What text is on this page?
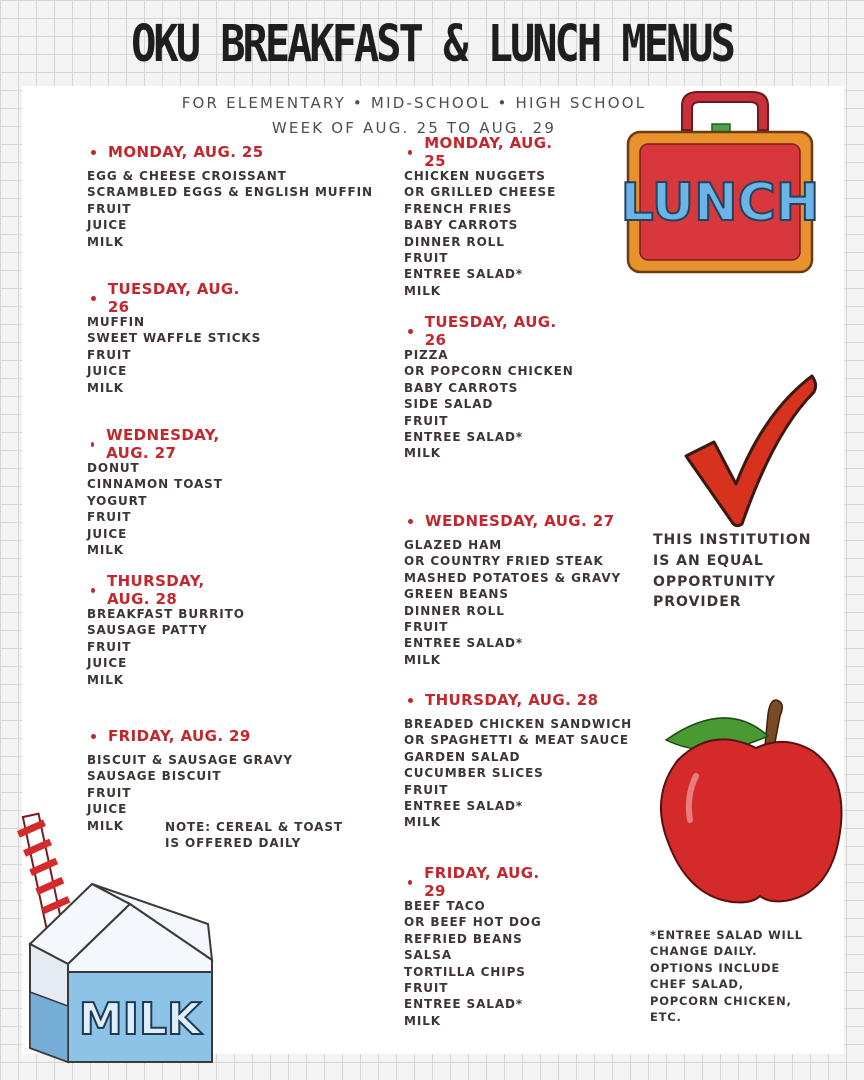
OKU BREAKFAST & LUNCH MENUS
FOR ELEMENTARY • MID-SCHOOL • HIGH SCHOOL
WEEK OF AUG. 25 TO AUG. 29
MONDAY, AUG. 25
EGG & CHEESE CROISSANT
SCRAMBLED EGGS & ENGLISH MUFFIN
FRUIT
JUICE
MILK
TUESDAY, AUG. 26
MUFFIN
SWEET WAFFLE STICKS
FRUIT
JUICE
MILK
WEDNESDAY, AUG. 27
DONUT
CINNAMON TOAST
YOGURT
FRUIT
JUICE
MILK
THURSDAY, AUG. 28
BREAKFAST BURRITO
SAUSAGE PATTY
FRUIT
JUICE
MILK
FRIDAY, AUG. 29
BISCUIT & SAUSAGE GRAVY
SAUSAGE BISCUIT
FRUIT
JUICE
MILK
MONDAY, AUG. 25
CHICKEN NUGGETS
OR GRILLED CHEESE
FRENCH FRIES
BABY CARROTS
DINNER ROLL
FRUIT
ENTREE SALAD*
MILK
TUESDAY, AUG. 26
PIZZA
OR POPCORN CHICKEN
BABY CARROTS
SIDE SALAD
FRUIT
ENTREE SALAD*
MILK
WEDNESDAY, AUG. 27
GLAZED HAM
OR COUNTRY FRIED STEAK
MASHED POTATOES & GRAVY
GREEN BEANS
DINNER ROLL
FRUIT
ENTREE SALAD*
MILK
THURSDAY, AUG. 28
BREADED CHICKEN SANDWICH
OR SPAGHETTI & MEAT SAUCE
GARDEN SALAD
CUCUMBER SLICES
FRUIT
ENTREE SALAD*
MILK
FRIDAY, AUG. 29
BEEF TACO
OR BEEF HOT DOG
REFRIED BEANS
SALSA
TORTILLA CHIPS
FRUIT
ENTREE SALAD*
MILK
NOTE: CEREAL & TOAST
IS OFFERED DAILY
THIS INSTITUTION
IS AN EQUAL
OPPORTUNITY
PROVIDER
*ENTREE SALAD WILL
CHANGE DAILY.
OPTIONS INCLUDE
CHEF SALAD,
POPCORN CHICKEN,
ETC.
LUNCH
MILK
